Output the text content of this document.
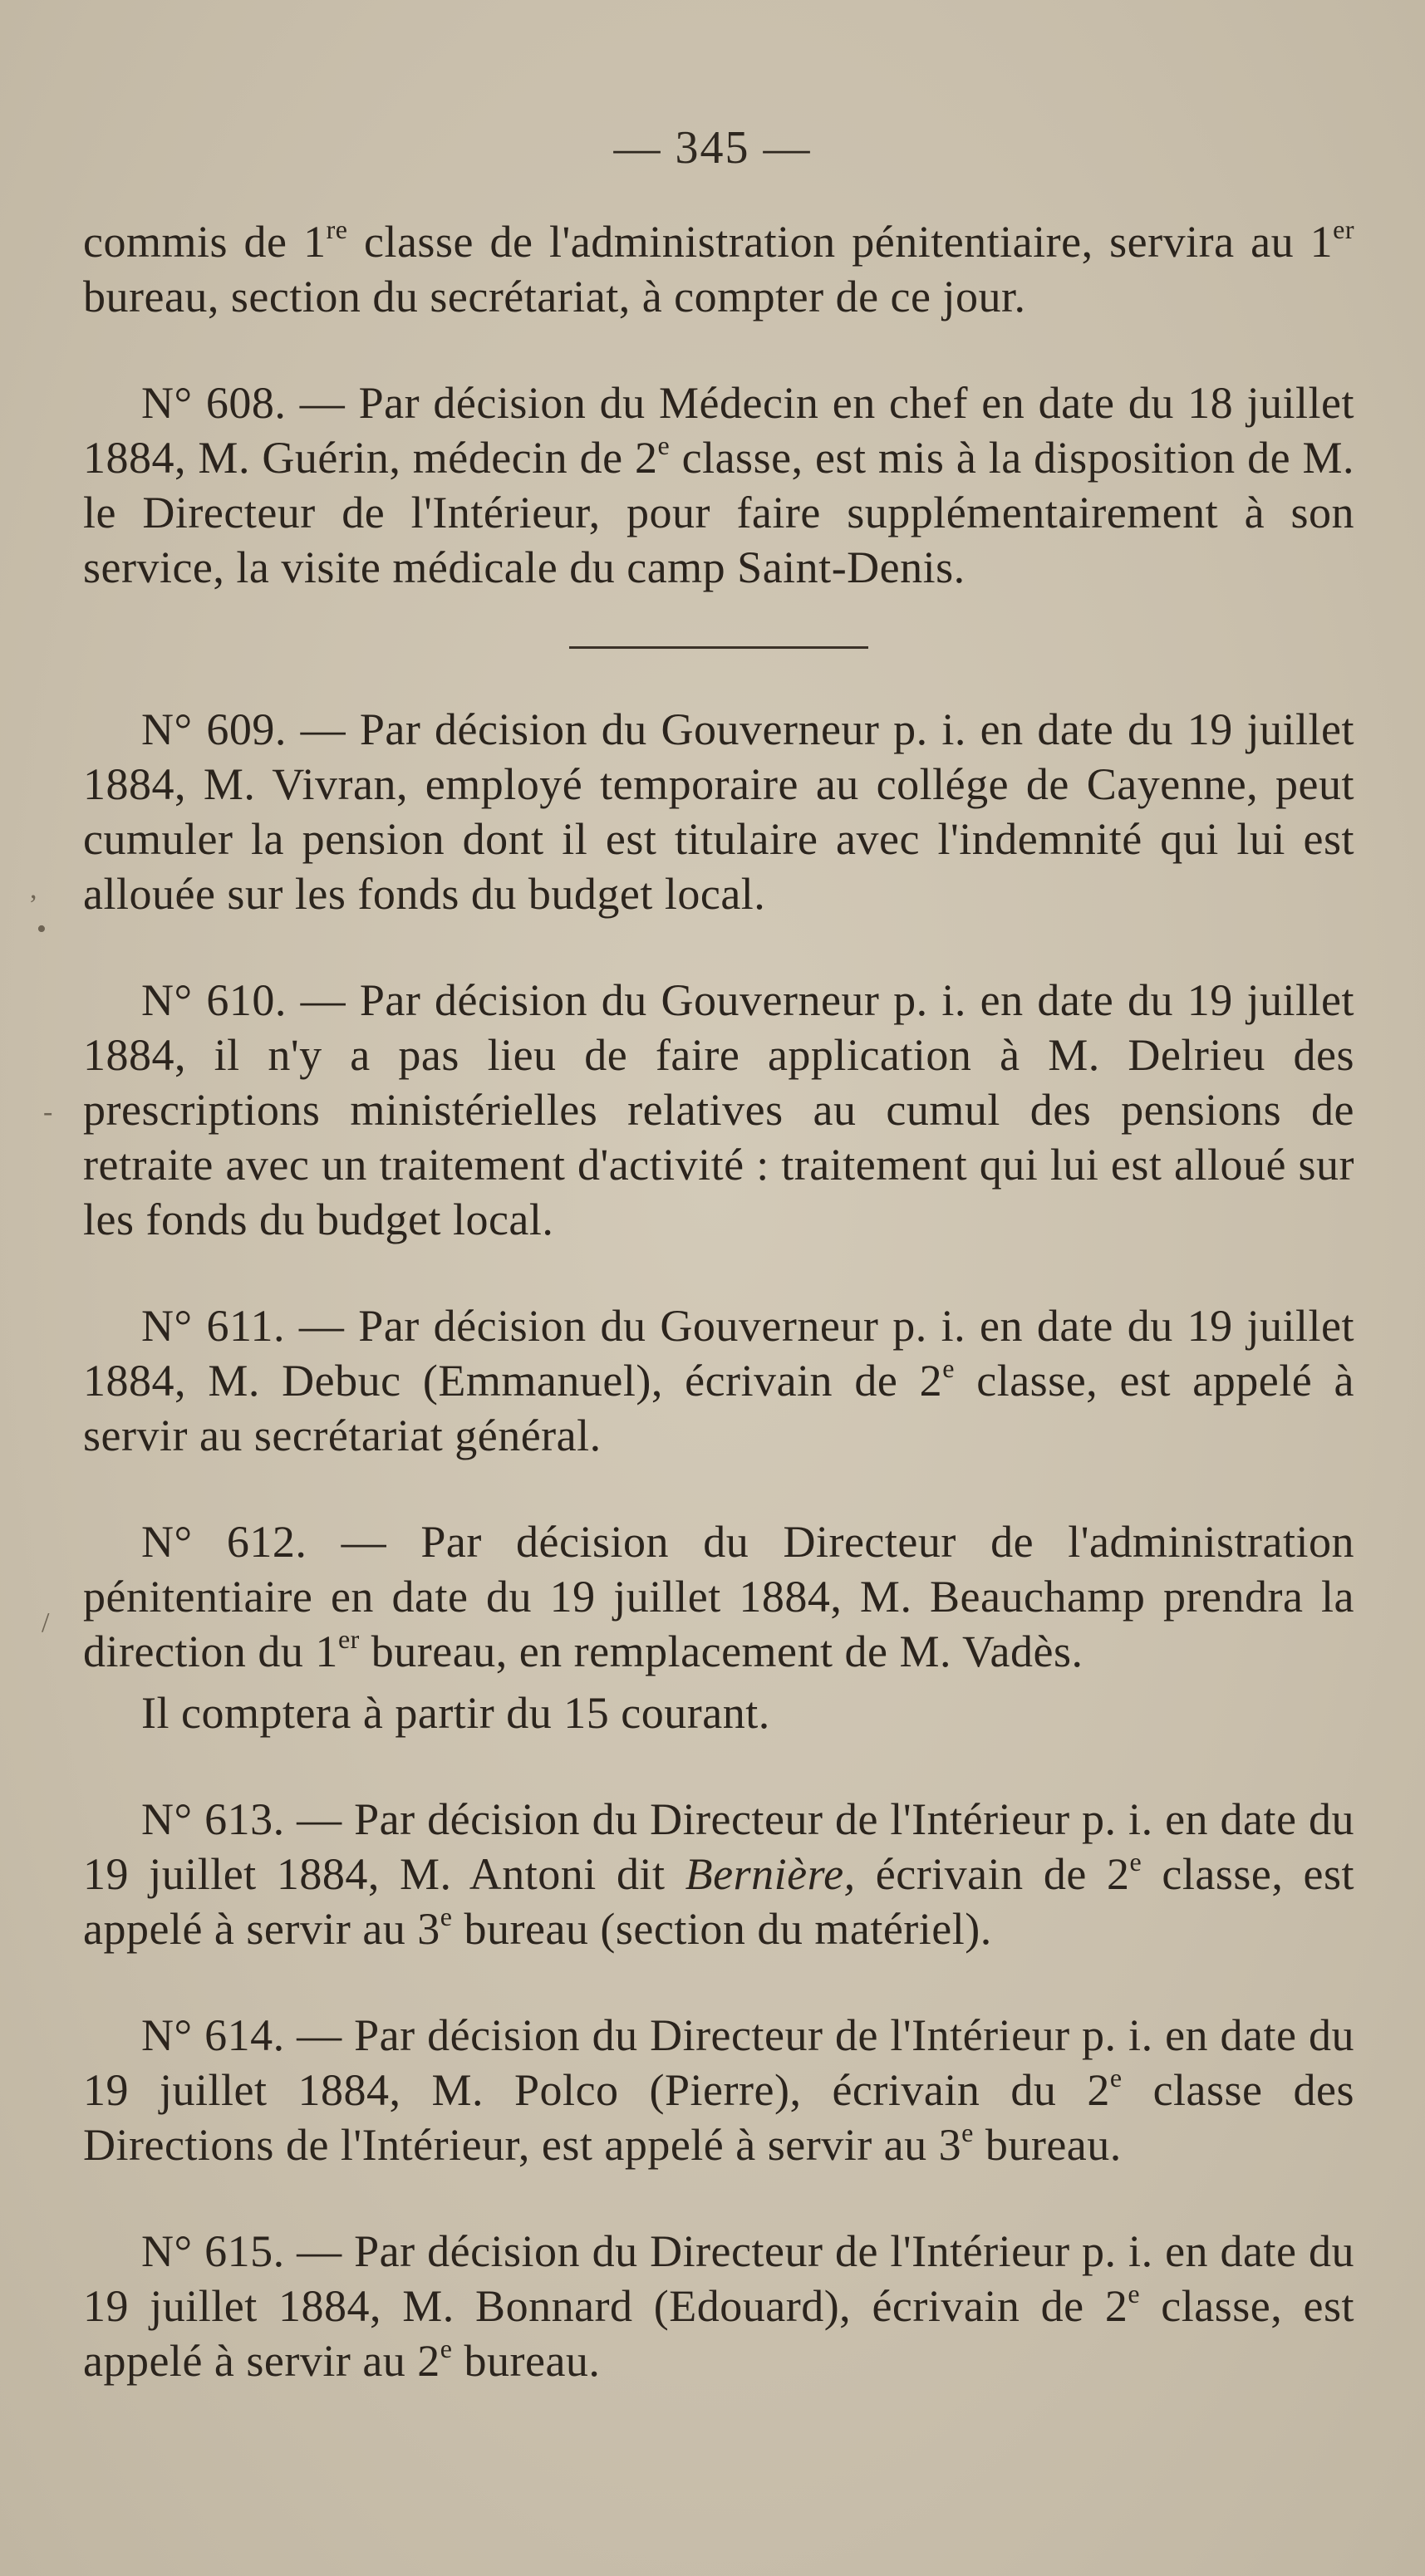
— 345 —
,
•
-
/

commis de 1re classe de l'administration pénitentiaire, servira au 1er bureau, section du secrétariat, à compter de ce jour.

N° 608. — Par décision du Médecin en chef en date du 18 juillet 1884, M. Guérin, médecin de 2e classe, est mis à la disposition de M. le Directeur de l'Intérieur, pour faire supplémentairement à son service, la visite médicale du camp Saint-Denis.

N° 609. — Par décision du Gouverneur p. i. en date du 19 juillet 1884, M. Vivran, employé temporaire au collége de Cayenne, peut cumuler la pension dont il est titulaire avec l'indemnité qui lui est allouée sur les fonds du budget local.

N° 610. — Par décision du Gouverneur p. i. en date du 19 juillet 1884, il n'y a pas lieu de faire application à M. Delrieu des prescriptions ministérielles relatives au cumul des pensions de retraite avec un traitement d'activité : traitement qui lui est alloué sur les fonds du budget local.

N° 611. — Par décision du Gouverneur p. i. en date du 19 juillet 1884, M. Debuc (Emmanuel), écrivain de 2e classe, est appelé à servir au secrétariat général.

N° 612. — Par décision du Directeur de l'administration pénitentiaire en date du 19 juillet 1884, M. Beauchamp prendra la direction du 1er bureau, en remplacement de M. Vadès.

Il comptera à partir du 15 courant.

N° 613. — Par décision du Directeur de l'Intérieur p. i. en date du 19 juillet 1884, M. Antoni dit Bernière, écrivain de 2e classe, est appelé à servir au 3e bureau (section du matériel).

N° 614. — Par décision du Directeur de l'Intérieur p. i. en date du 19 juillet 1884, M. Polco (Pierre), écrivain du 2e classe des Directions de l'Intérieur, est appelé à servir au 3e bureau.

N° 615. — Par décision du Directeur de l'Intérieur p. i. en date du 19 juillet 1884, M. Bonnard (Edouard), écrivain de 2e classe, est appelé à servir au 2e bureau.
